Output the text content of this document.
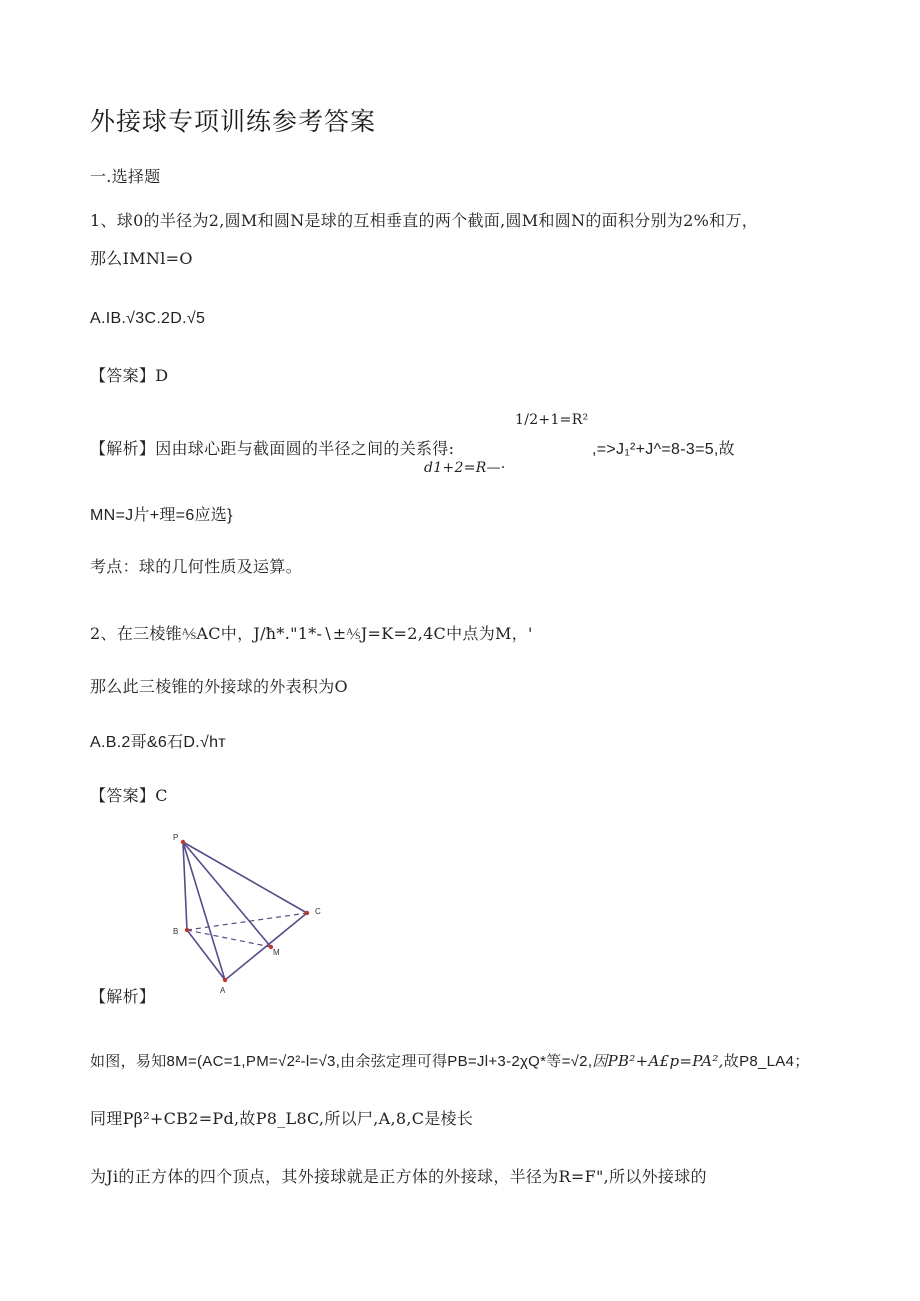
外接球专项训练参考答案
一.选择题
1、球0的半径为2,圆M和圆N是球的互相垂直的两个截面,圆M和圆N的面积分别为2%和万，
那么IMNl=O
A.IB.√3C.2D.√5
【答案】D
【解析】因由球心距与截面圆的半径之间的关系得:
1/2+1=R²
d1+2=R—·
,=>J₁²+J^=8-3=5,故
MN=J片+理=6应选}
考点：球的几何性质及运算。
2、在三棱锥⅍AC中，J∕ħ*."1*-∖±⅍J=K=2,4C中点为M，'
那么此三棱锥的外接球的外表积为O
A.B.2哥&6石D.√hт
【答案】C
P
B
C
M
A
【解析】
如图，易知8M=(AC=1,PM=√2²-l=√3,由余弦定理可得PB=Jl+3-2χQ*等=√2,因PB²+A£p=PA²,故P8_LA4；
同理Pβ²+CB2=Pd,故P8_L8C,所以尸,A,8,C是棱长
为Ji的正方体的四个顶点，其外接球就是正方体的外接球，半径为R=F",所以外接球的
